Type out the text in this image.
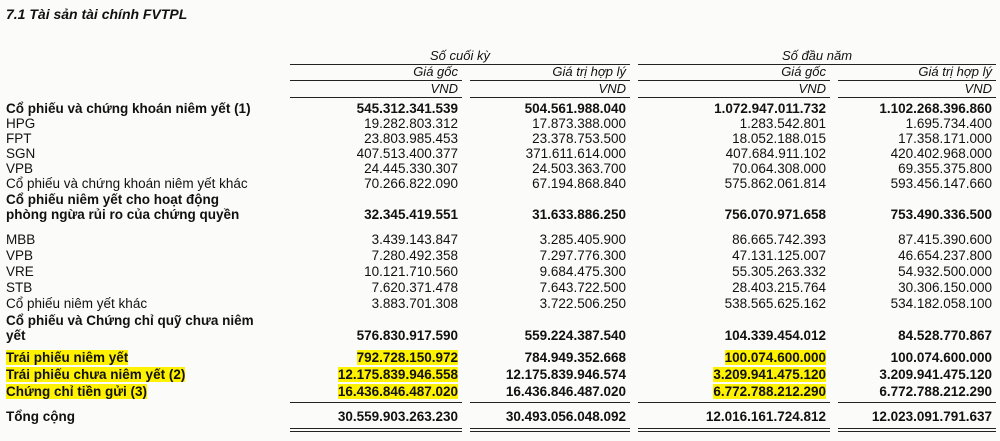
7.1 Tài sản tài chính FVTPL
Số cuối kỳ	Số đầu năm
Giá gốc	Giá trị hợp lý	Giá gốc	Giá trị hợp lý
VND	VND	VND	VND
Cổ phiếu và chứng khoán niêm yết (1)	545.312.341.539	504.561.988.040	1.072.947.011.732	1.102.268.396.860
HPG	19.282.803.312	17.873.388.000	1.283.542.801	1.695.734.400
FPT	23.803.985.453	23.378.753.500	18.052.188.015	17.358.171.000
SGN	407.513.400.377	371.611.614.000	407.684.911.102	420.402.968.000
VPB	24.445.330.307	24.503.363.700	70.064.308.000	69.355.375.800
Cổ phiếu và chứng khoán niêm yết khác	70.266.822.090	67.194.868.840	575.862.061.814	593.456.147.660
Cổ phiếu niêm yết cho hoạt động
phòng ngừa rủi ro của chứng quyền	32.345.419.551	31.633.886.250	756.070.971.658	753.490.336.500
MBB	3.439.143.847	3.285.405.900	86.665.742.393	87.415.390.600
VPB	7.280.492.358	7.297.776.300	47.131.125.007	46.654.237.800
VRE	10.121.710.560	9.684.475.300	55.305.263.332	54.932.500.000
STB	7.620.371.478	7.643.722.500	28.403.215.764	30.306.150.000
Cổ phiếu niêm yết khác	3.883.701.308	3.722.506.250	538.565.625.162	534.182.058.100
Cổ phiếu và Chứng chỉ quỹ chưa niêm
yết	576.830.917.590	559.224.387.540	104.339.454.012	84.528.770.867
Trái phiếu niêm yết	792.728.150.972	784.949.352.668	100.074.600.000	100.074.600.000
Trái phiếu chưa niêm yết (2)	12.175.839.946.558	12.175.839.946.574	3.209.941.475.120	3.209.941.475.120
Chứng chỉ tiền gửi (3)	16.436.846.487.020	16.436.846.487.020	6.772.788.212.290	6.772.788.212.290
Tổng cộng	30.559.903.263.230	30.493.056.048.092	12.016.161.724.812	12.023.091.791.637
